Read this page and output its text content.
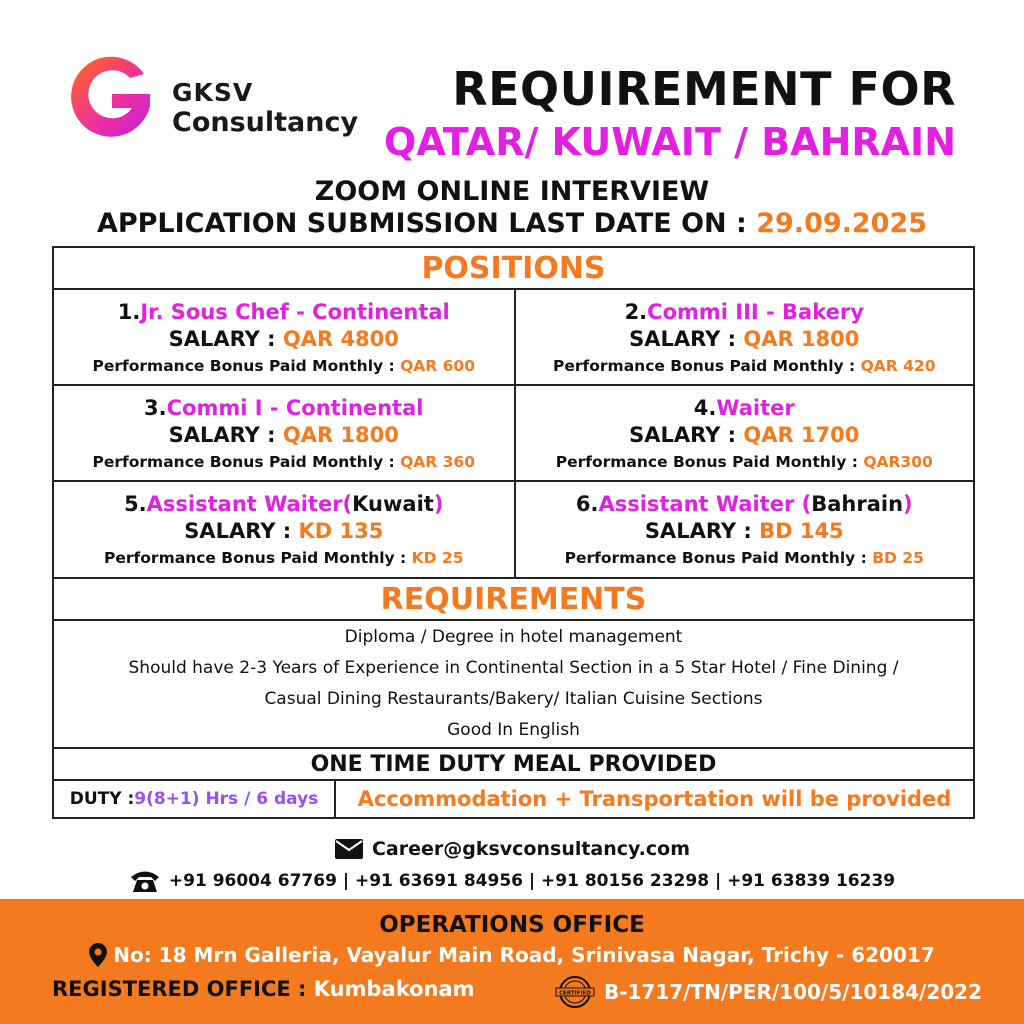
GKSV
Consultancy
REQUIREMENT FOR
QATAR/ KUWAIT / BAHRAIN
ZOOM ONLINE INTERVIEW
APPLICATION SUBMISSION LAST DATE ON : 29.09.2025
POSITIONS
1.Jr. Sous Chef - Continental
SALARY : QAR 4800
Performance Bonus Paid Monthly : QAR 600
2.Commi III - Bakery
SALARY : QAR 1800
Performance Bonus Paid Monthly : QAR 420
3.Commi I - Continental
SALARY : QAR 1800
Performance Bonus Paid Monthly : QAR 360
4.Waiter
SALARY : QAR 1700
Performance Bonus Paid Monthly : QAR300
5.Assistant Waiter(Kuwait)
SALARY : KD 135
Performance Bonus Paid Monthly : KD 25
6.Assistant Waiter (Bahrain)
SALARY : BD 145
Performance Bonus Paid Monthly : BD 25
REQUIREMENTS
Diploma / Degree in hotel management
Should have 2-3 Years of Experience in Continental Section in a 5 Star Hotel / Fine Dining /
Casual Dining Restaurants/Bakery/ Italian Cuisine Sections
Good In English
ONE TIME DUTY MEAL PROVIDED
DUTY : 9(8+1) Hrs / 6 days	Accommodation + Transportation will be provided
Career@gksvconsultancy.com
+91 96004 67769 | +91 63691 84956 | +91 80156 23298 | +91 63839 16239
OPERATIONS OFFICE
No: 18 Mrn Galleria, Vayalur Main Road, Srinivasa Nagar, Trichy - 620017
REGISTERED OFFICE : Kumbakonam	CERTIFIED B-1717/TN/PER/100/5/10184/2022
